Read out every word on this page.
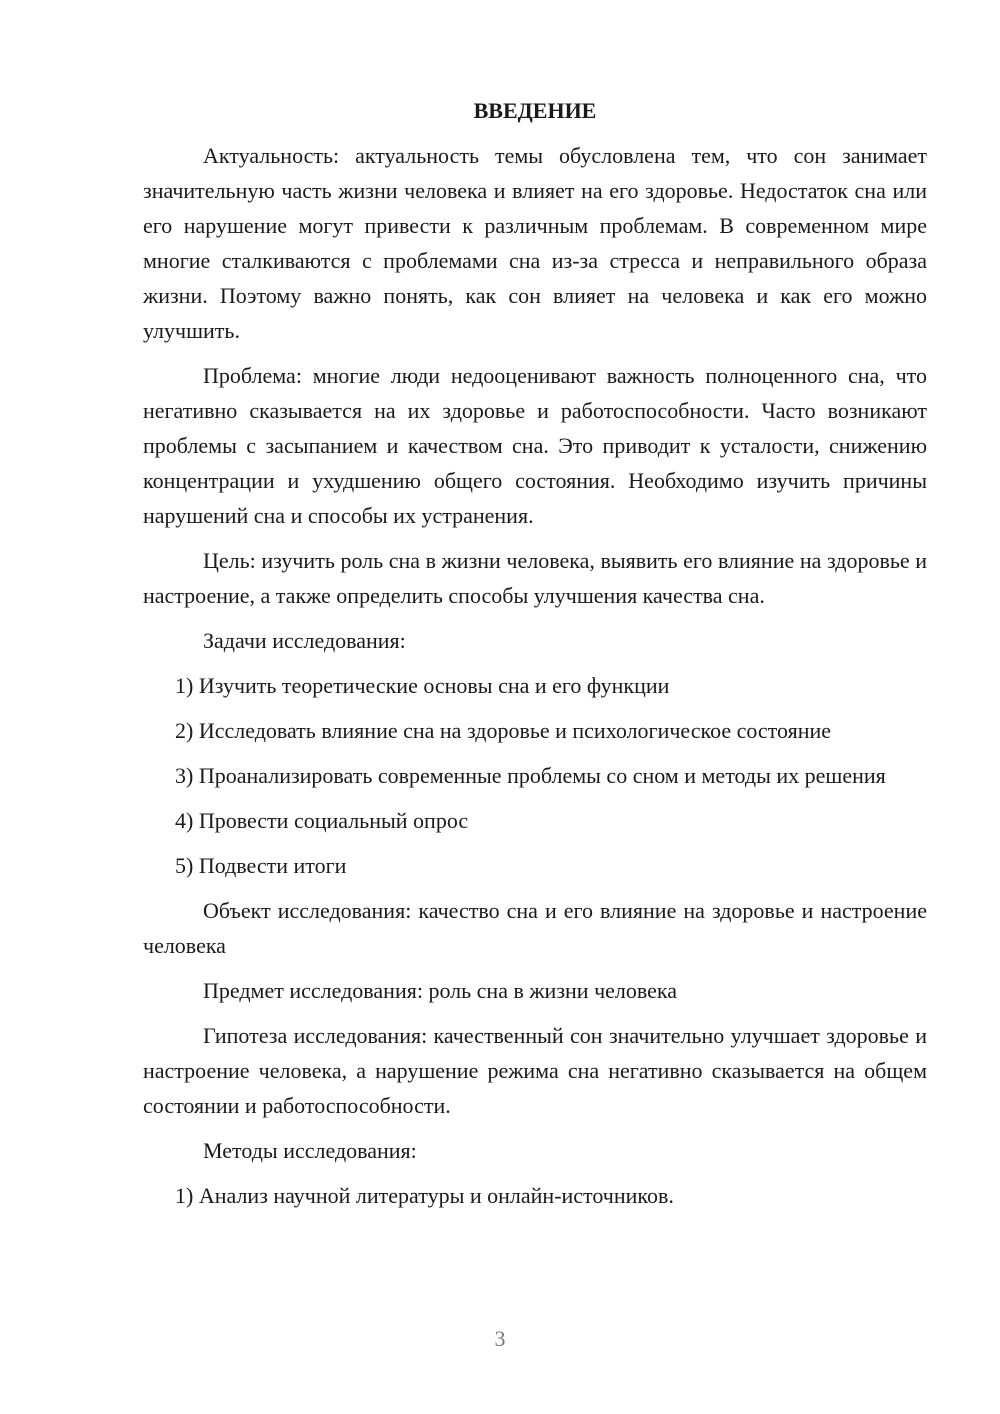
ВВЕДЕНИЕ

Актуальность: актуальность темы обусловлена тем, что сон занимает значительную часть жизни человека и влияет на его здоровье. Недостаток сна или его нарушение могут привести к различным проблемам. В современном мире многие сталкиваются с проблемами сна из-за стресса и неправильного образа жизни. Поэтому важно понять, как сон влияет на человека и как его можно улучшить.

Проблема: многие люди недооценивают важность полноценного сна, что негативно сказывается на их здоровье и работоспособности. Часто возникают проблемы с засыпанием и качеством сна. Это приводит к усталости, снижению концентрации и ухудшению общего состояния. Необходимо изучить причины нарушений сна и способы их устранения.

Цель: изучить роль сна в жизни человека, выявить его влияние на здоровье и настроение, а также определить способы улучшения качества сна.

Задачи исследования:

1) Изучить теоретические основы сна и его функции

2) Исследовать влияние сна на здоровье и психологическое состояние

3) Проанализировать современные проблемы со сном и методы их решения

4) Провести социальный опрос

5) Подвести итоги

Объект исследования: качество сна и его влияние на здоровье и настроение человека

Предмет исследования: роль сна в жизни человека

Гипотеза исследования: качественный сон значительно улучшает здоровье и настроение человека, а нарушение режима сна негативно сказывается на общем состоянии и работоспособности.

Методы исследования:

1) Анализ научной литературы и онлайн-источников.

3
